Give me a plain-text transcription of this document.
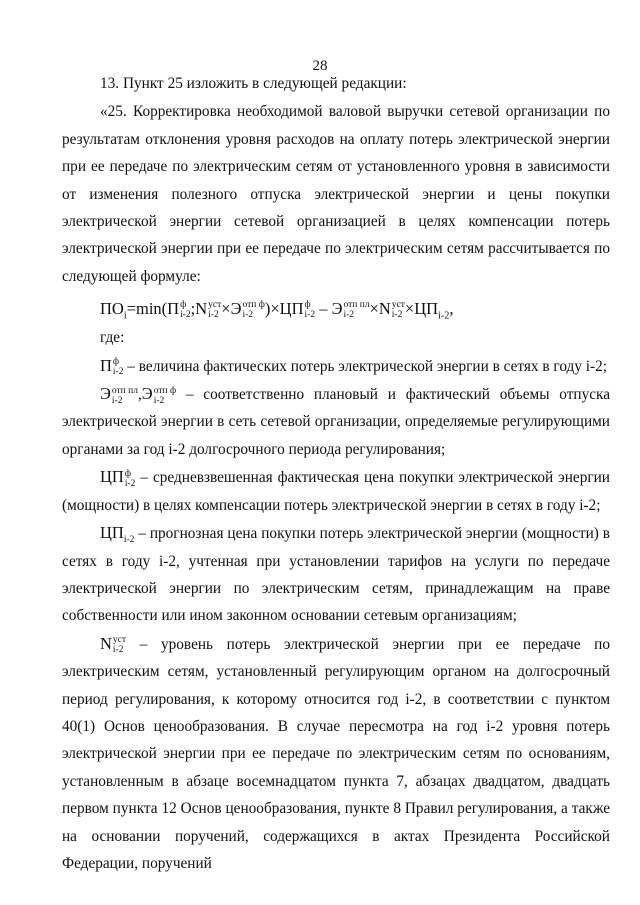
28

13. Пункт 25 изложить в следующей редакции:

«25. Корректировка необходимой валовой выручки сетевой организации по результатам отклонения уровня расходов на оплату потерь электрической энергии при ее передаче по электрическим сетям от установленного уровня в зависимости от изменения полезного отпуска электрической энергии и цены покупки электрической энергии сетевой организацией в целях компенсации потерь электрической энергии при ее передаче по электрическим сетям рассчитывается по следующей формуле:

$ПО_i=\min(П$ ф
i-2 ;N уст
i-2 ×Э отп ф
i-2 )×ЦП ф
i-2 – Э отп пл
i-2 ×N уст
$i-2 \times ЦП_{i-2}$,

где:

П ф
i-2 – величина фактических потерь электрической энергии в сетях в году i-2;

Э отп пл
i-2	,Э отп ф
i-2 – соответственно плановый и фактический объемы отпуска электрической энергии в сеть сетевой организации, определяемые регулирующими органами за год i-2 долгосрочного периода регулирования;

ЦП ф
i-2 – средневзвешенная фактическая цена покупки электрической энергии (мощности) в целях компенсации потерь электрической энергии в сетях в году i-2;

$ЦП_{i-2}$ – прогнозная цена покупки потерь электрической энергии (мощности) в сетях в году i-2, учтенная при установлении тарифов на услуги по передаче электрической энергии по электрическим сетям, принадлежащим на праве собственности или ином законном основании сетевым организациям;

N уст
i-2 – уровень потерь электрической энергии при ее передаче по электрическим сетям, установленный регулирующим органом на долгосрочный период регулирования, к которому относится год i-2, в соответствии с пунктом 40(1) Основ ценообразования. В случае пересмотра на год i-2 уровня потерь электрической энергии при ее передаче по электрическим сетям по основаниям, установленным в абзаце восемнадцатом пункта 7, абзацах двадцатом, двадцать первом пункта 12 Основ ценообразования, пункте 8 Правил регулирования, а также на основании поручений, содержащихся в актах Президента Российской Федерации, поручений
